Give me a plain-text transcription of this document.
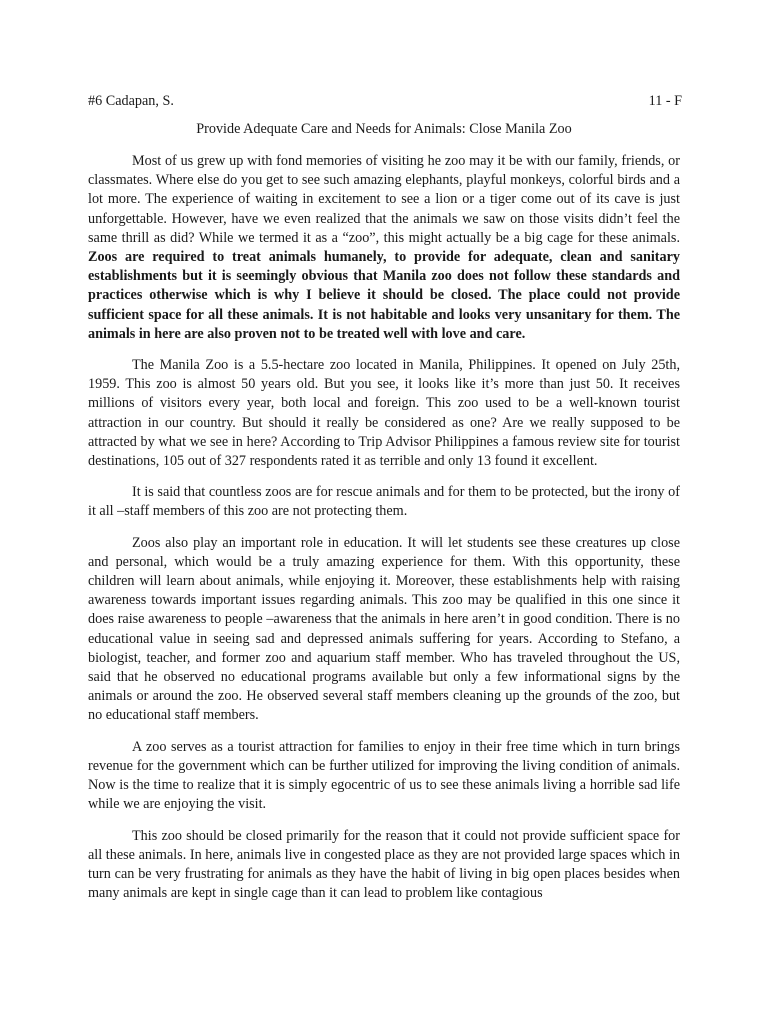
#6 Cadapan, S.	11 - F
Provide Adequate Care and Needs for Animals: Close Manila Zoo

Most of us grew up with fond memories of visiting he zoo may it be with our family, friends, or classmates. Where else do you get to see such amazing elephants, playful monkeys, colorful birds and a lot more. The experience of waiting in excitement to see a lion or a tiger come out of its cave is just unforgettable. However, have we even realized that the animals we saw on those visits didn’t feel the same thrill as did? While we termed it as a “zoo”, this might actually be a big cage for these animals. Zoos are required to treat animals humanely, to provide for adequate, clean and sanitary establishments but it is seemingly obvious that Manila zoo does not follow these standards and practices otherwise which is why I believe it should be closed. The place could not provide sufficient space for all these animals. It is not habitable and looks very unsanitary for them. The animals in here are also proven not to be treated well with love and care.

The Manila Zoo is a 5.5-hectare zoo located in Manila, Philippines. It opened on July 25th, 1959. This zoo is almost 50 years old. But you see, it looks like it’s more than just 50. It receives millions of visitors every year, both local and foreign. This zoo used to be a well-known tourist attraction in our country. But should it really be considered as one? Are we really supposed to be attracted by what we see in here? According to Trip Advisor Philippines a famous review site for tourist destinations, 105 out of 327 respondents rated it as terrible and only 13 found it excellent.

It is said that countless zoos are for rescue animals and for them to be protected, but the irony of it all –staff members of this zoo are not protecting them.

Zoos also play an important role in education. It will let students see these creatures up close and personal, which would be a truly amazing experience for them. With this opportunity, these children will learn about animals, while enjoying it. Moreover, these establishments help with raising awareness towards important issues regarding animals. This zoo may be qualified in this one since it does raise awareness to people –awareness that the animals in here aren’t in good condition. There is no educational value in seeing sad and depressed animals suffering for years. According to Stefano, a biologist, teacher, and former zoo and aquarium staff member. Who has traveled throughout the US, said that he observed no educational programs available but only a few informational signs by the animals or around the zoo. He observed several staff members cleaning up the grounds of the zoo, but no educational staff members.

A zoo serves as a tourist attraction for families to enjoy in their free time which in turn brings revenue for the government which can be further utilized for improving the living condition of animals. Now is the time to realize that it is simply egocentric of us to see these animals living a horrible sad life while we are enjoying the visit.

This zoo should be closed primarily for the reason that it could not provide sufficient space for all these animals. In here, animals live in congested place as they are not provided large spaces which in turn can be very frustrating for animals as they have the habit of living in big open places besides when many animals are kept in single cage than it can lead to problem like contagious
